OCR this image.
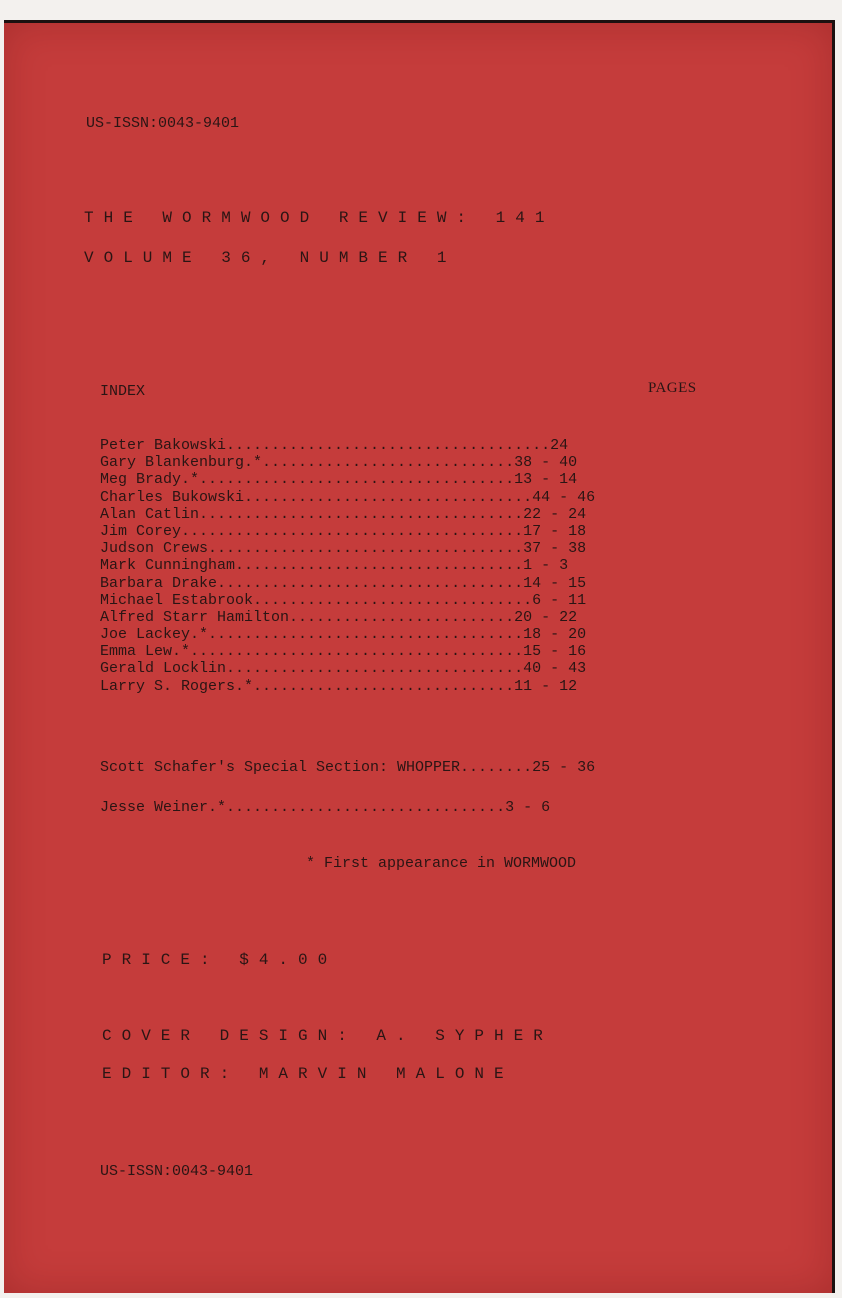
US-ISSN:0043-9401
THE WORMWOOD REVIEW: 141
VOLUME 36, NUMBER 1
INDEX	PAGES
Peter Bakowski....................................24
Gary Blankenburg.*............................38 - 40
Meg Brady.*...................................13 - 14
Charles Bukowski................................44 - 46
Alan Catlin....................................22 - 24
Jim Corey......................................17 - 18
Judson Crews...................................37 - 38
Mark Cunningham................................1 - 3
Barbara Drake..................................14 - 15
Michael Estabrook...............................6 - 11
Alfred Starr Hamilton.........................20 - 22
Joe Lackey.*...................................18 - 20
Emma Lew.*.....................................15 - 16
Gerald Locklin.................................40 - 43
Larry S. Rogers.*.............................11 - 12
Scott Schafer's Special Section: WHOPPER........25 - 36
Jesse Weiner.*...............................3 - 6
* First appearance in WORMWOOD
PRICE: $4.00
COVER DESIGN: A. SYPHER
EDITOR: MARVIN MALONE
US-ISSN:0043-9401
